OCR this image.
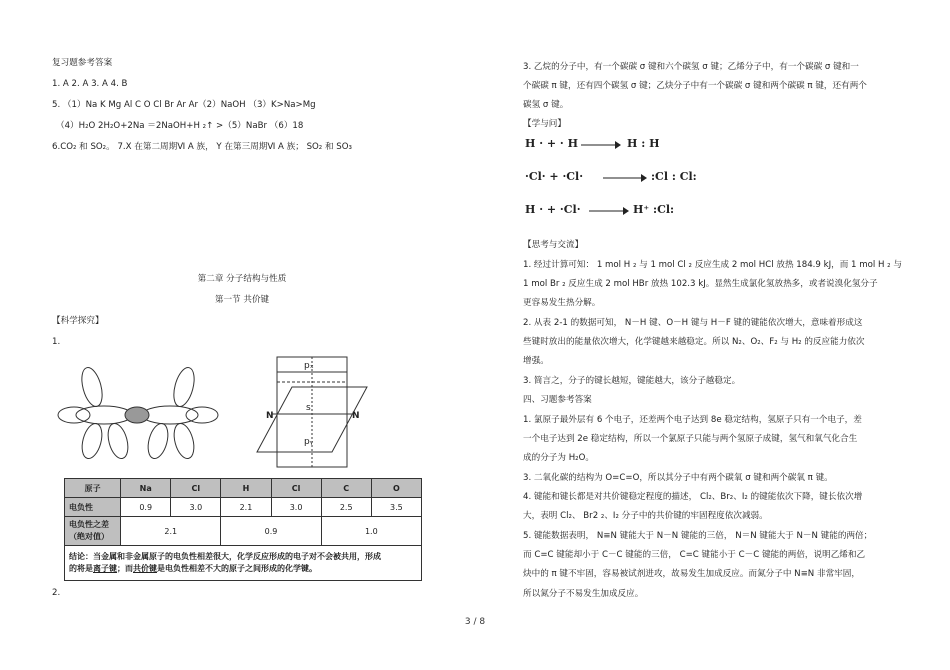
复习题参考答案
1. A 2. A 3. A 4. B
5. （1）Na K Mg Al C O Cl Br Ar Ar（2）NaOH （3）K>Na>Mg
（4）H₂O 2H₂O+2Na ＝2NaOH+H ₂↑ >（5）NaBr （6）18
6.CO₂ 和 SO₂。 7.X 在第二周期Ⅵ A 族， Y 在第三周期Ⅵ A 族； SO₂ 和 SO₃
第二章 分子结构与性质
第一节 共价键
【科学探究】
1.
pₓ
s
pᵧ
N	N
原子	Na	Cl	H	Cl	C	O
电负性	0.9	3.0	2.1	3.0	2.5	3.5
电负性之差
（绝对值）	2.1		0.9		1.0	
结论：当金属和非金属原子的电负性相差很大，化学反应形成的电子对不会被共用，形成
的将是离子键；而共价键是电负性相差不大的原子之间形成的化学键。						
2.
3. 乙烷的分子中，有一个碳碳 σ 键和六个碳氢 σ 键；乙烯分子中，有一个碳碳 σ 键和一
个碳碳 π 键，还有四个碳氢 σ 键；乙炔分子中有一个碳碳 σ 键和两个碳碳 π 键，还有两个
碳氢 σ 键。
【学与问】
H · + · H	H : H
·Cl· + ·Cl·	:Cl : Cl:
H · + ·Cl·	H⁺ :Cl:
【思考与交流】
1. 经过计算可知： 1 mol H ₂ 与 1 mol Cl ₂ 反应生成 2 mol HCl 放热 184.9 kJ，而 1 mol H ₂ 与
1 mol Br ₂ 反应生成 2 mol HBr 放热 102.3 kJ。显然生成氯化氢放热多，或者说溴化氢分子
更容易发生热分解。
2. 从表 2-1 的数据可知， N－H 键、O－H 键与 H－F 键的键能依次增大，意味着形成这
些键时放出的能量依次增大，化学键越来越稳定。所以 N₂、O₂、F₂ 与 H₂ 的反应能力依次
增强。
3. 简言之，分子的键长越短，键能越大，该分子越稳定。
四、习题参考答案
1. 氯原子最外层有 6 个电子，还差两个电子达到 8e 稳定结构，氢原子只有一个电子，差
一个电子达到 2e 稳定结构，所以一个氯原子只能与两个氢原子成键，氢气和氧气化合生
成的分子为 H₂O。
3. 二氧化碳的结构为 O=C=O，所以其分子中有两个碳氧 σ 键和两个碳氧 π 键。
4. 键能和键长都是对共价键稳定程度的描述， Cl₂、Br₂、I₂ 的键能依次下降，键长依次增
大，表明 Cl₂、 Br2 ₂、I₂ 分子中的共价键的牢固程度依次减弱。
5. 键能数据表明， N≡N 键能大于 N－N 键能的三倍， N＝N 键能大于 N－N 键能的两倍；
而 C=C 键能却小于 C－C 键能的三倍， C=C 键能小于 C－C 键能的两倍，说明乙烯和乙
炔中的 π 键不牢固，容易被试剂进攻，故易发生加成反应。而氮分子中 N≡N 非常牢固，
所以氮分子不易发生加成反应。
3 / 8
